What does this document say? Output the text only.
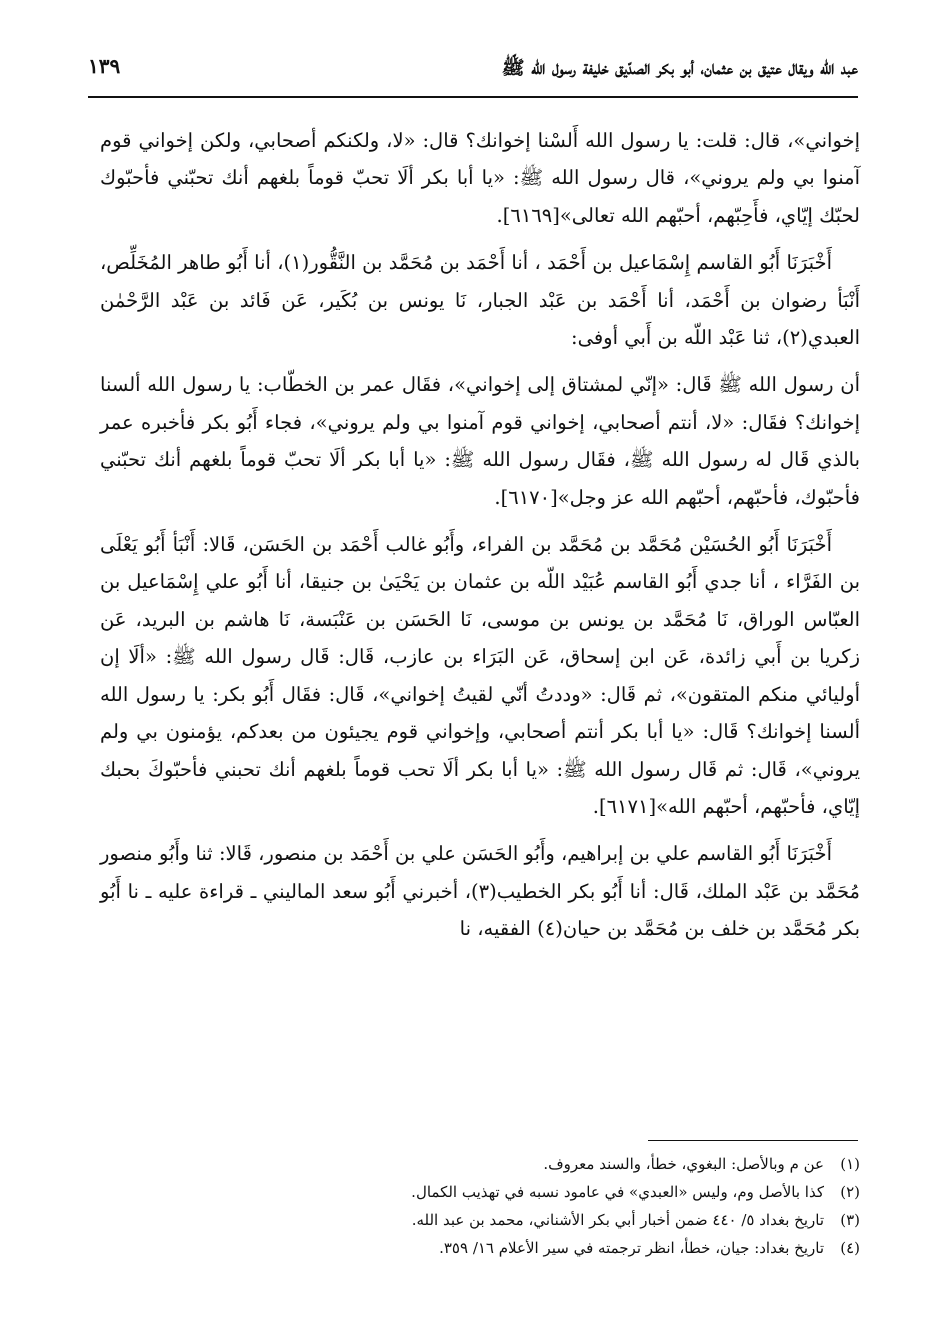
عبد الله ويقال عتيق بن عثمان، أبو بكر الصدّيق خليفة رسول الله ﷺ
١٣٩

إخواني»، قال: قلت: يا رسول الله أَلسْنا إخوانك؟ قال: «لا، ولكنكم أصحابي، ولكن إخواني قوم آمنوا بي ولم يروني»، قال رسول الله ﷺ: «يا أبا بكر ألَا تحبّ قوماً بلغهم أنك تحبّني فأحبّوك لحبّك إيّاي، فأَحِبّهم، أحبّهم الله تعالى»[٦١٦٩].

أَخْبَرَنَا أَبُو القاسم إِسْمَاعيل بن أَحْمَد ، أنا أَحْمَد بن مُحَمَّد بن النَّقُّور(١)، أنا أَبُو طاهر المُخَلِّص، أَنْبَأ رضوان بن أَحْمَد، أنا أَحْمَد بن عَبْد الجبار، نَا يونس بن بُكَير، عَن فَائد بن عَبْد الرَّحْمٰن العبدي(٢)، ثنا عَبْد اللّه بن أَبي أوفى:

أن رسول الله ﷺ قَال: «إنّي لمشتاق إلى إخواني»، فقَال عمر بن الخطّاب: يا رسول الله ألسنا إخوانك؟ فقَال: «لا، أنتم أصحابي، إخواني قوم آمنوا بي ولم يروني»، فجاء أَبُو بكر فأخبره عمر بالذي قَال له رسول الله ﷺ، فقَال رسول الله ﷺ: «يا أبا بكر ألَا تحبّ قوماً بلغهم أنك تحبّني فأحبّوك، فأحبّهم، أحبّهم الله عز وجل»[٦١٧٠].

أَخْبَرَنَا أَبُو الحُسَيْن مُحَمَّد بن مُحَمَّد بن الفراء، وأَبُو غالب أَحْمَد بن الحَسَن، قَالا: أَنْبَأ أَبُو يَعْلَى بن الفَرَّاء ، أنا جدي أَبُو القاسم عُبَيْد اللّه بن عثمان بن يَحْيَىٰ بن جنيقا، أنا أَبُو علي إِسْمَاعيل بن العبّاس الوراق، نَا مُحَمَّد بن يونس بن موسى، نَا الحَسَن بن عَنْبَسة، نَا هاشم بن البريد، عَن زكريا بن أَبي زائدة، عَن ابن إسحاق، عَن البَرَاء بن عازب، قَال: قَال رسول الله ﷺ: «ألَا إن أوليائي منكم المتقون»، ثم قَال: «وددتُ أنّي لقيتُ إخواني»، قَال: فقَال أَبُو بكر: يا رسول الله ألسنا إخوانك؟ قَال: «يا أبا بكر أنتم أصحابي، وإخواني قوم يجيئون من بعدكم، يؤمنون بي ولم يروني»، قَال: ثم قَال رسول الله ﷺ: «يا أبا بكر ألَا تحب قوماً بلغهم أنك تحبني فأحبّوكَ بحبك إيّاي، فأحبّهم، أحبّهم الله»[٦١٧١].

أَخْبَرَنَا أَبُو القاسم علي بن إبراهيم، وأَبُو الحَسَن علي بن أَحْمَد بن منصور، قَالا: ثنا وأَبُو منصور مُحَمَّد بن عَبْد الملك، قَال: أنا أَبُو بكر الخطيب(٣)، أخبرني أَبُو سعد الماليني ـ قراءة عليه ـ نا أَبُو بكر مُحَمَّد بن خلف بن مُحَمَّد بن حيان(٤) الفقيه، نا

(١)
عن م وبالأصل: البغوي، خطأ، والسند معروف.
(٢)
كذا بالأصل وم، وليس «العبدي» في عامود نسبه في تهذيب الكمال.
(٣)
تاريخ بغداد ٥/ ٤٤٠ ضمن أخبار أبي بكر الأشناني، محمد بن عبد الله.
(٤)
تاريخ بغداد: جيان، خطأ، انظر ترجمته في سير الأعلام ١٦/ ٣٥٩.
